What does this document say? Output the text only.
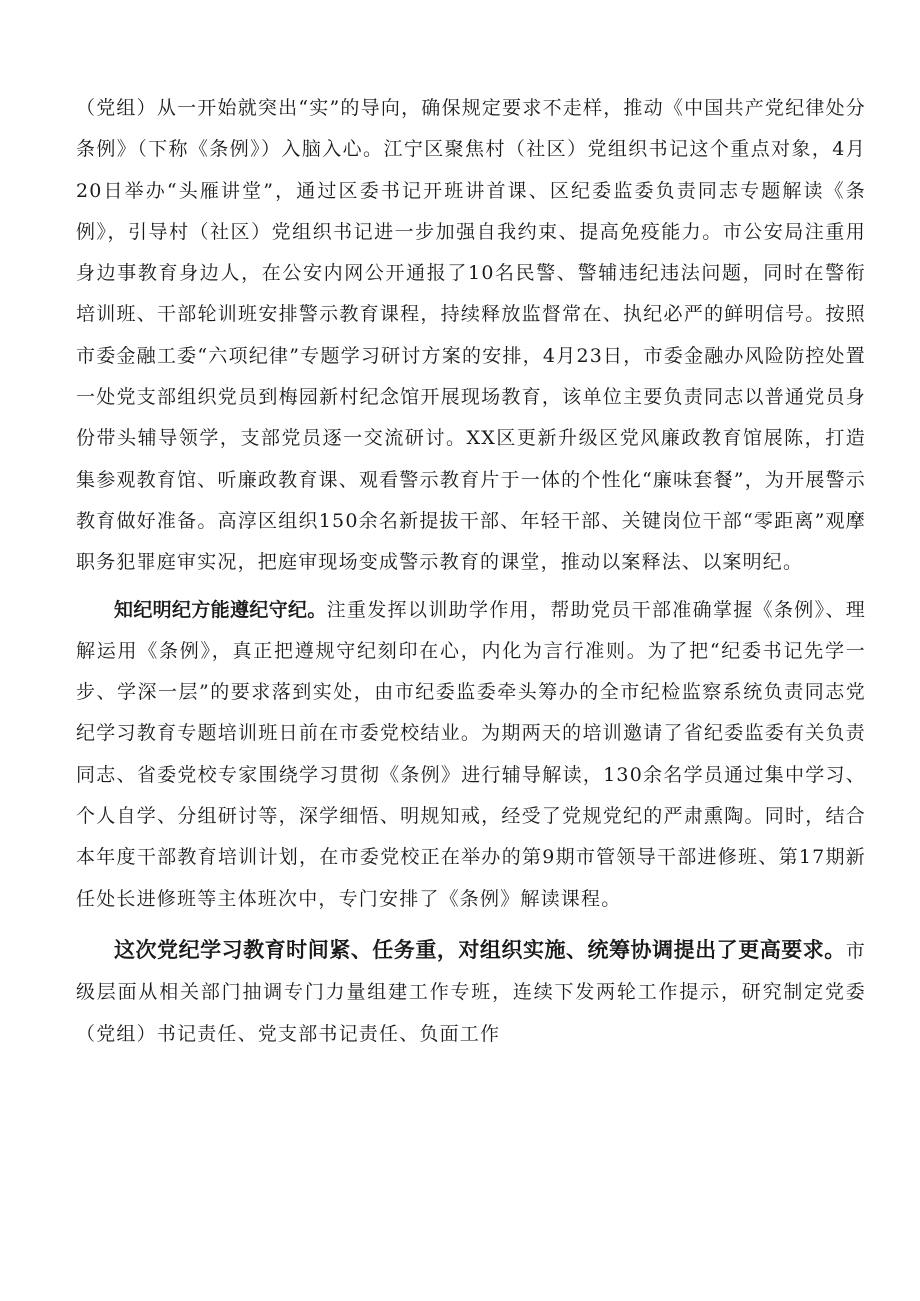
（党组）从一开始就突出“实”的导向，确保规定要求不走样，推动《中国共产党纪律处分条例》（下称《条例》）入脑入心。江宁区聚焦村（社区）党组织书记这个重点对象，4月20日举办“头雁讲堂”，通过区委书记开班讲首课、区纪委监委负责同志专题解读《条例》，引导村（社区）党组织书记进一步加强自我约束、提高免疫能力。市公安局注重用身边事教育身边人，在公安内网公开通报了10名民警、警辅违纪违法问题，同时在警衔培训班、干部轮训班安排警示教育课程，持续释放监督常在、执纪必严的鲜明信号。按照市委金融工委“六项纪律”专题学习研讨方案的安排，4月23日，市委金融办风险防控处置一处党支部组织党员到梅园新村纪念馆开展现场教育，该单位主要负责同志以普通党员身份带头辅导领学，支部党员逐一交流研讨。XX区更新升级区党风廉政教育馆展陈，打造集参观教育馆、听廉政教育课、观看警示教育片于一体的个性化“廉味套餐”，为开展警示教育做好准备。高淳区组织150余名新提拔干部、年轻干部、关键岗位干部“零距离”观摩职务犯罪庭审实况，把庭审现场变成警示教育的课堂，推动以案释法、以案明纪。

知纪明纪方能遵纪守纪。注重发挥以训助学作用，帮助党员干部准确掌握《条例》、理解运用《条例》，真正把遵规守纪刻印在心，内化为言行准则。为了把“纪委书记先学一步、学深一层”的要求落到实处，由市纪委监委牵头筹办的全市纪检监察系统负责同志党纪学习教育专题培训班日前在市委党校结业。为期两天的培训邀请了省纪委监委有关负责同志、省委党校专家围绕学习贯彻《条例》进行辅导解读，130余名学员通过集中学习、个人自学、分组研讨等，深学细悟、明规知戒，经受了党规党纪的严肃熏陶。同时，结合本年度干部教育培训计划，在市委党校正在举办的第9期市管领导干部进修班、第17期新任处长进修班等主体班次中，专门安排了《条例》解读课程。

这次党纪学习教育时间紧、任务重，对组织实施、统筹协调提出了更高要求。市级层面从相关部门抽调专门力量组建工作专班，连续下发两轮工作提示，研究制定党委（党组）书记责任、党支部书记责任、负面工作
